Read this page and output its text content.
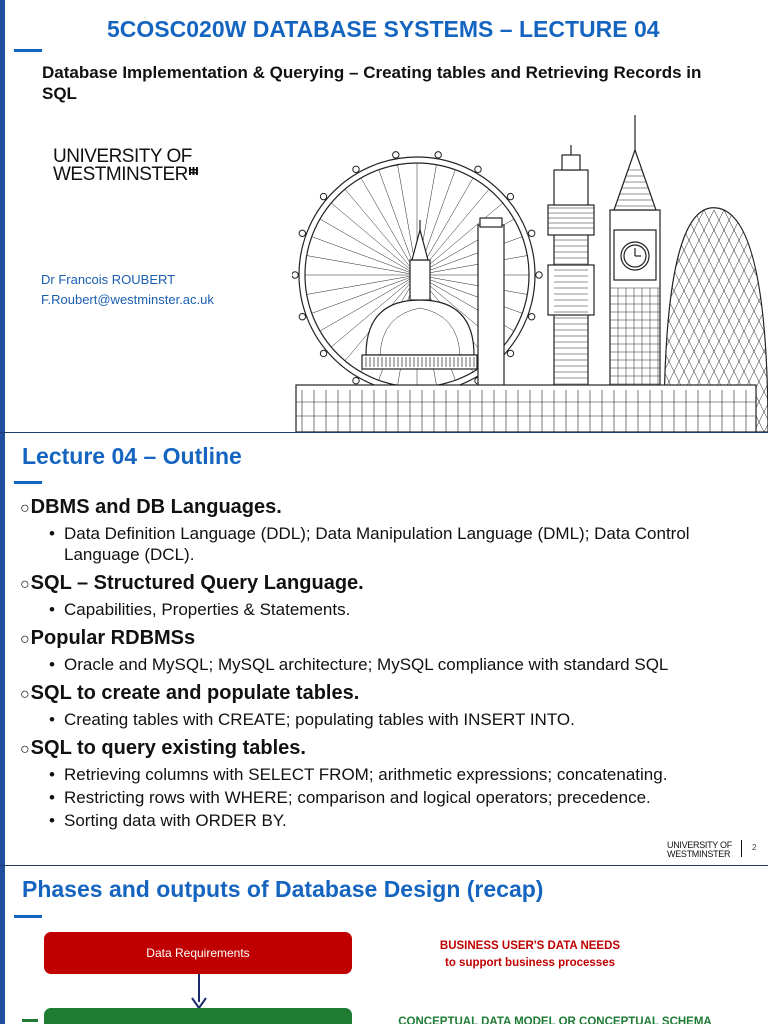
5COSC020W DATABASE SYSTEMS – LECTURE 04
Database Implementation & Querying – Creating tables and Retrieving Records in SQL
UNIVERSITY OF
WESTMINSTER
Dr Francois ROUBERT
F.Roubert@westminster.ac.uk
Lecture 04 – Outline
○DBMS and DB Languages.
• Data Definition Language (DDL); Data Manipulation Language (DML); Data Control Language (DCL).
○SQL – Structured Query Language.
• Capabilities, Properties & Statements.
○Popular RDBMSs
• Oracle and MySQL; MySQL architecture; MySQL compliance with standard SQL
○SQL to create and populate tables.
• Creating tables with CREATE; populating tables with INSERT INTO.
○SQL to query existing tables.
• Retrieving columns with SELECT FROM; arithmetic expressions; concatenating.
• Restricting rows with WHERE; comparison and logical operators; precedence.
• Sorting data with ORDER BY.
UNIVERSITY OF
WESTMINSTER
2
Phases and outputs of Database Design (recap)
Data Requirements	BUSINESS USER'S DATA NEEDS
to support business processes
CONCEPTUAL DATA MODEL OR CONCEPTUAL SCHEMA
